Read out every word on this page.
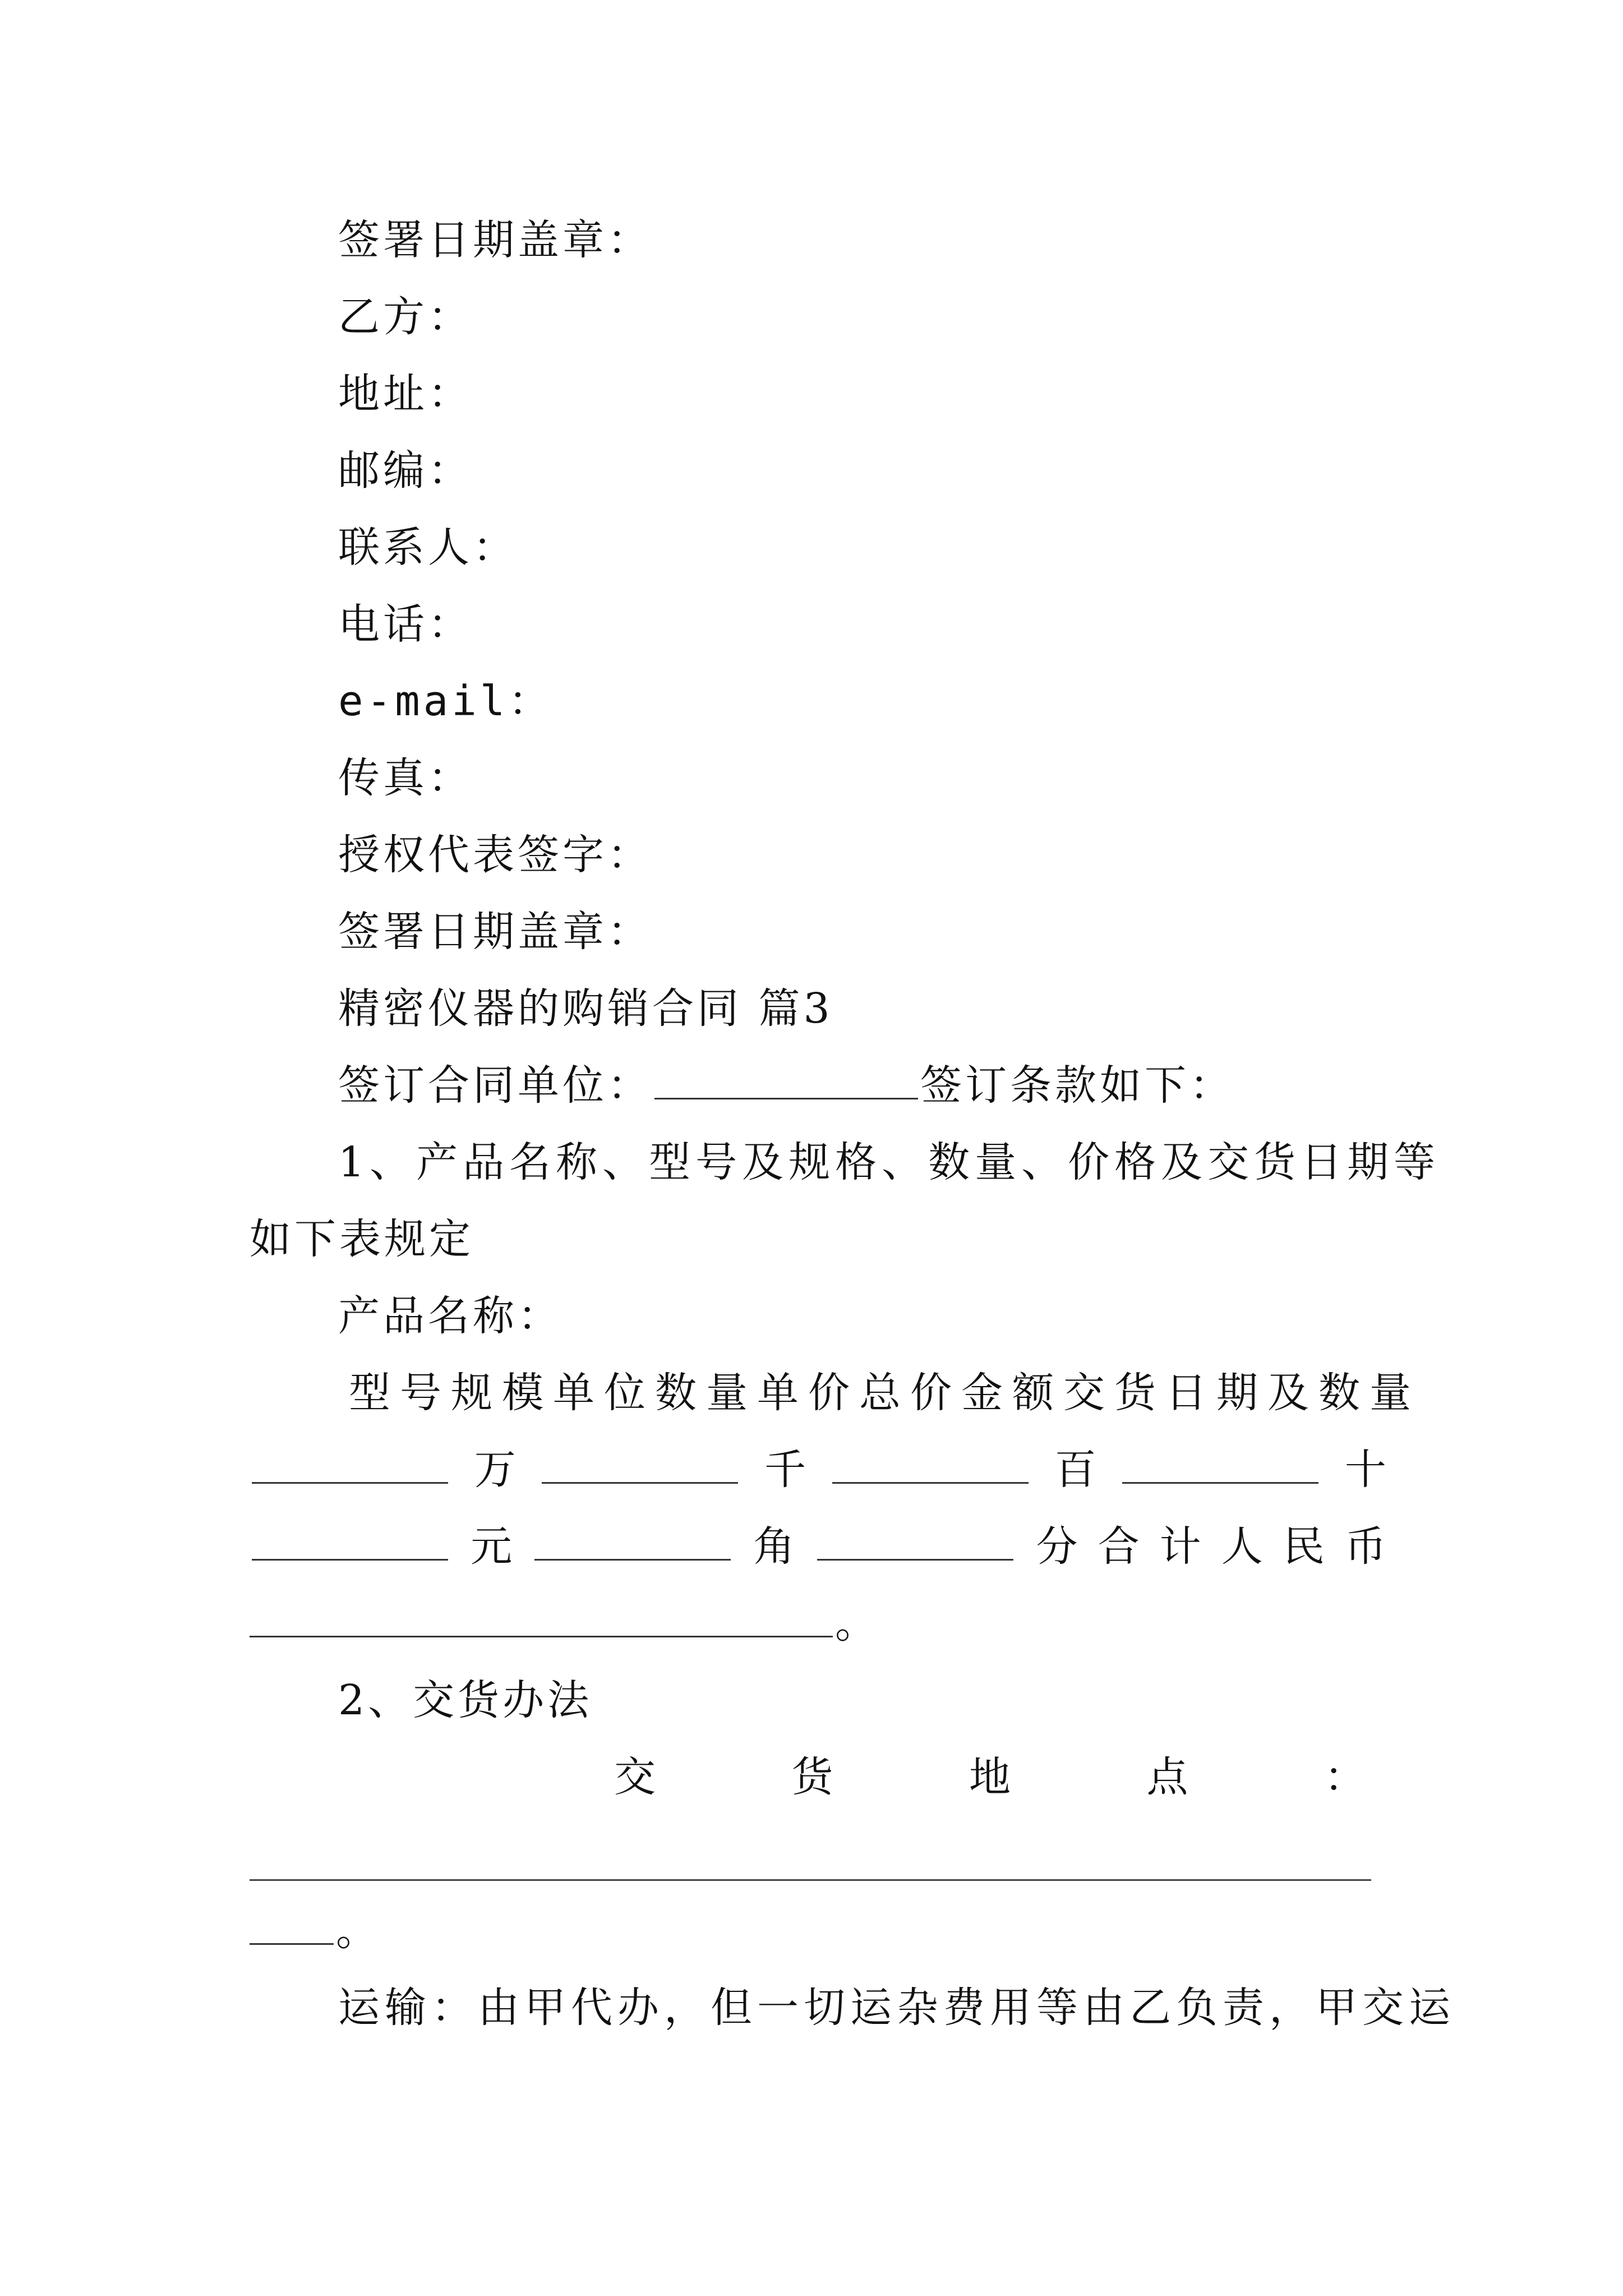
签署日期盖章：
乙方：
地址：
邮编：
联系人：
电话：
e-mail：
传真：
授权代表签字：
签署日期盖章：
精密仪器的购销合同 篇3
签订合同单位：	签订条款如下：
1、产品名称、型号及规格、数量、价格及交货日期等
如下表规定
产品名称：
型号规模单位数量单价总价金额交货日期及数量
万	千	百	十
元	角	分 合 计 人 民 币
。
2、交货办法
交	货	地	点	：
。
运输：由甲代办，但一切运杂费用等由乙负责，甲交运
